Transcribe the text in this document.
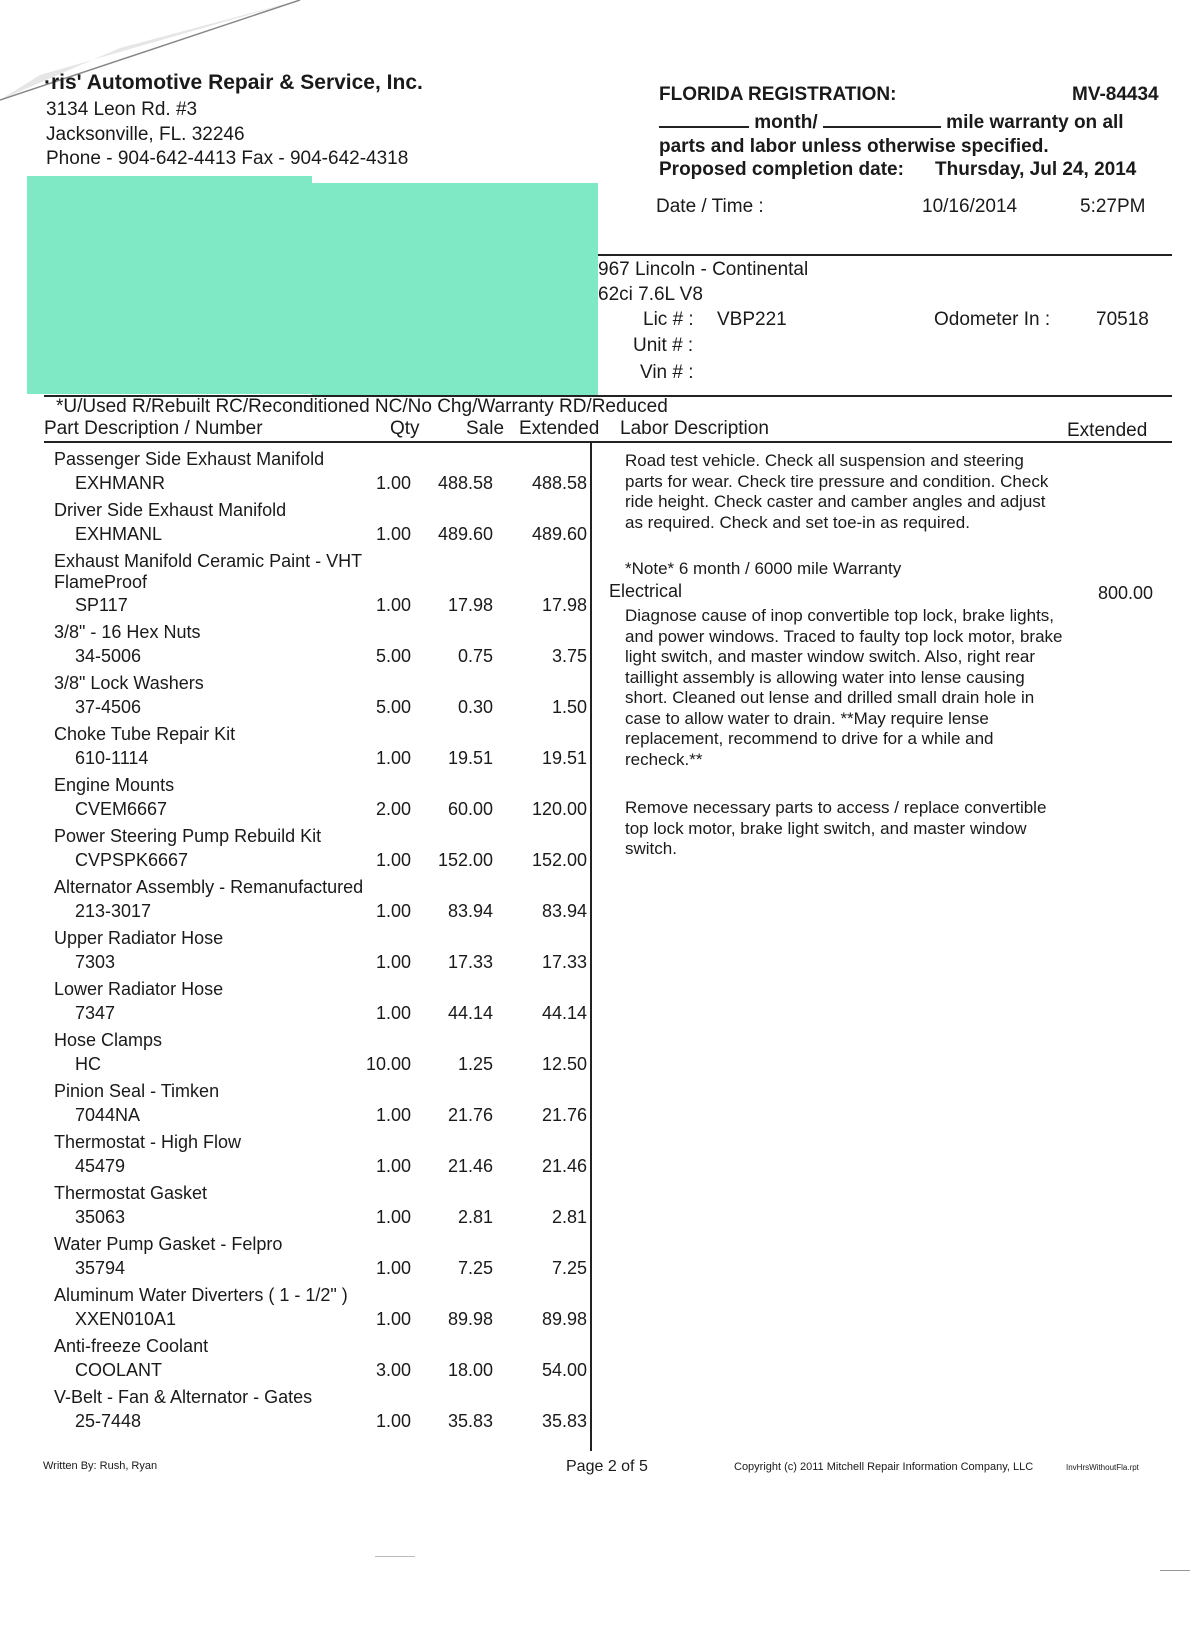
·ris' Automotive Repair & Service, Inc.
3134 Leon Rd. #3
Jacksonville, FL. 32246
Phone - 904-642-4413 Fax - 904-642-4318
FLORIDA REGISTRATION:	MV-84434
month/	mile warranty on all
parts and labor unless otherwise specified.
Proposed completion date: Thursday, Jul 24, 2014
Date / Time :	10/16/2014	5:27PM
967 Lincoln - Continental
62ci 7.6L V8
Lic # : VBP221	Odometer In : 70518
Unit # :
Vin # :
*U/Used R/Rebuilt RC/Reconditioned NC/No Chg/Warranty RD/Reduced
Part Description / Number	Qty Sale Extended Labor Description	Extended
Passenger Side Exhaust Manifold
EXHMANR	1.00 488.58 488.58
Driver Side Exhaust Manifold
EXHMANL	1.00 489.60 489.60
Exhaust Manifold Ceramic Paint - VHT
FlameProof
SP117	1.00 17.98	17.98
3/8" - 16 Hex Nuts
34-5006	5.00	0.75	3.75
3/8" Lock Washers
37-4506	5.00	0.30	1.50
Choke Tube Repair Kit
610-1114	1.00 19.51	19.51
Engine Mounts
CVEM6667	2.00 60.00 120.00
Power Steering Pump Rebuild Kit
CVPSPK6667	1.00 152.00 152.00
Alternator Assembly - Remanufactured
213-3017	1.00 83.94	83.94
Upper Radiator Hose
7303	1.00 17.33	17.33
Lower Radiator Hose
7347	1.00 44.14	44.14
Hose Clamps
HC	10.00	1.25	12.50
Pinion Seal - Timken
7044NA	1.00 21.76	21.76
Thermostat - High Flow
45479	1.00 21.46	21.46
Thermostat Gasket
35063	1.00	2.81	2.81
Water Pump Gasket - Felpro
35794	1.00	7.25	7.25
Aluminum Water Diverters ( 1 - 1/2" )
XXEN010A1	1.00 89.98	89.98
Anti-freeze Coolant
COOLANT	3.00 18.00	54.00
V-Belt - Fan & Alternator - Gates
25-7448	1.00 35.83	35.83
Road test vehicle. Check all suspension and steering parts for wear. Check tire pressure and condition. Check ride height. Check caster and camber angles and adjust as required. Check and set toe-in as required.
*Note* 6 month / 6000 mile Warranty
Electrical	800.00
Diagnose cause of inop convertible top lock, brake lights, and power windows. Traced to faulty top lock motor, brake light switch, and master window switch. Also, right rear taillight assembly is allowing water into lense causing short. Cleaned out lense and drilled small drain hole in case to allow water to drain. **May require lense replacement, recommend to drive for a while and recheck.**
Remove necessary parts to access / replace convertible top lock motor, brake light switch, and master window switch.
Written By: Rush, Ryan	Page 2 of 5	Copyright (c) 2011 Mitchell Repair Information Company, LLC	InvHrsWithoutFla.rpt
